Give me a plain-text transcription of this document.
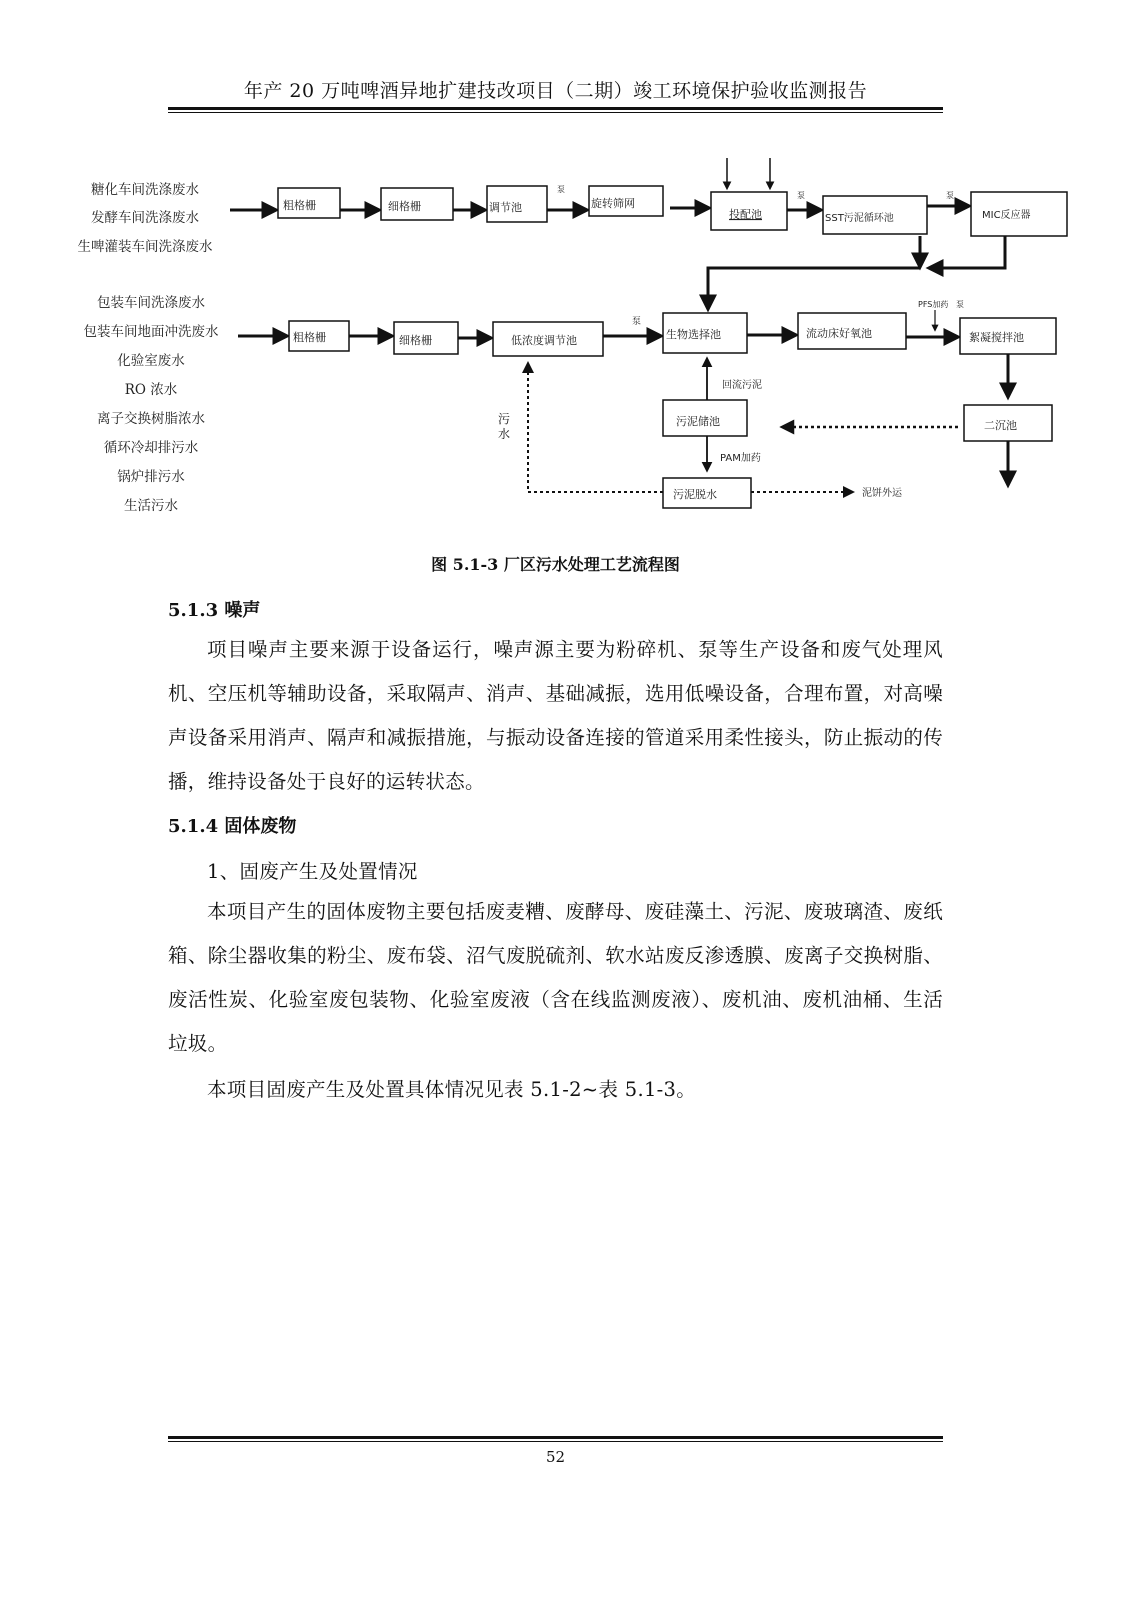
年产 20 万吨啤酒异地扩建技改项目（二期）竣工环境保护验收监测报告
糖化车间洗涤废水
发酵车间洗涤废水
生啤灌装车间洗涤废水
包装车间洗涤废水
包装车间地面冲洗废水
化验室废水
RO 浓水
离子交换树脂浓水
循环冷却排污水
锅炉排污水
生活污水
粗格栅	细格栅	调节池
泵
旋转筛网
投配池
泵
SST污泥循环池
泵
MIC反应器
粗格栅	细格栅	低浓度调节池
泵
生物选择池	流动床好氧池
PFS加药 泵
絮凝搅拌池
二沉池
污泥储池
回流污泥
PAM加药
污泥脱水	泥饼外运
污水
图 5.1-3 厂区污水处理工艺流程图
5.1.3 噪声

项目噪声主要来源于设备运行，噪声源主要为粉碎机、泵等生产设备和废气处理风机、空压机等辅助设备，采取隔声、消声、基础减振，选用低噪设备，合理布置，对高噪声设备采用消声、隔声和减振措施，与振动设备连接的管道采用柔性接头，防止振动的传播，维持设备处于良好的运转状态。

5.1.4 固体废物
1、固废产生及处置情况

本项目产生的固体废物主要包括废麦糟、废酵母、废硅藻土、污泥、废玻璃渣、废纸箱、除尘器收集的粉尘、废布袋、沼气废脱硫剂、软水站废反渗透膜、废离子交换树脂、废活性炭、化验室废包装物、化验室废液（含在线监测废液）、废机油、废机油桶、生活垃圾。

本项目固废产生及处置具体情况见表 5.1-2~表 5.1-3。
52
